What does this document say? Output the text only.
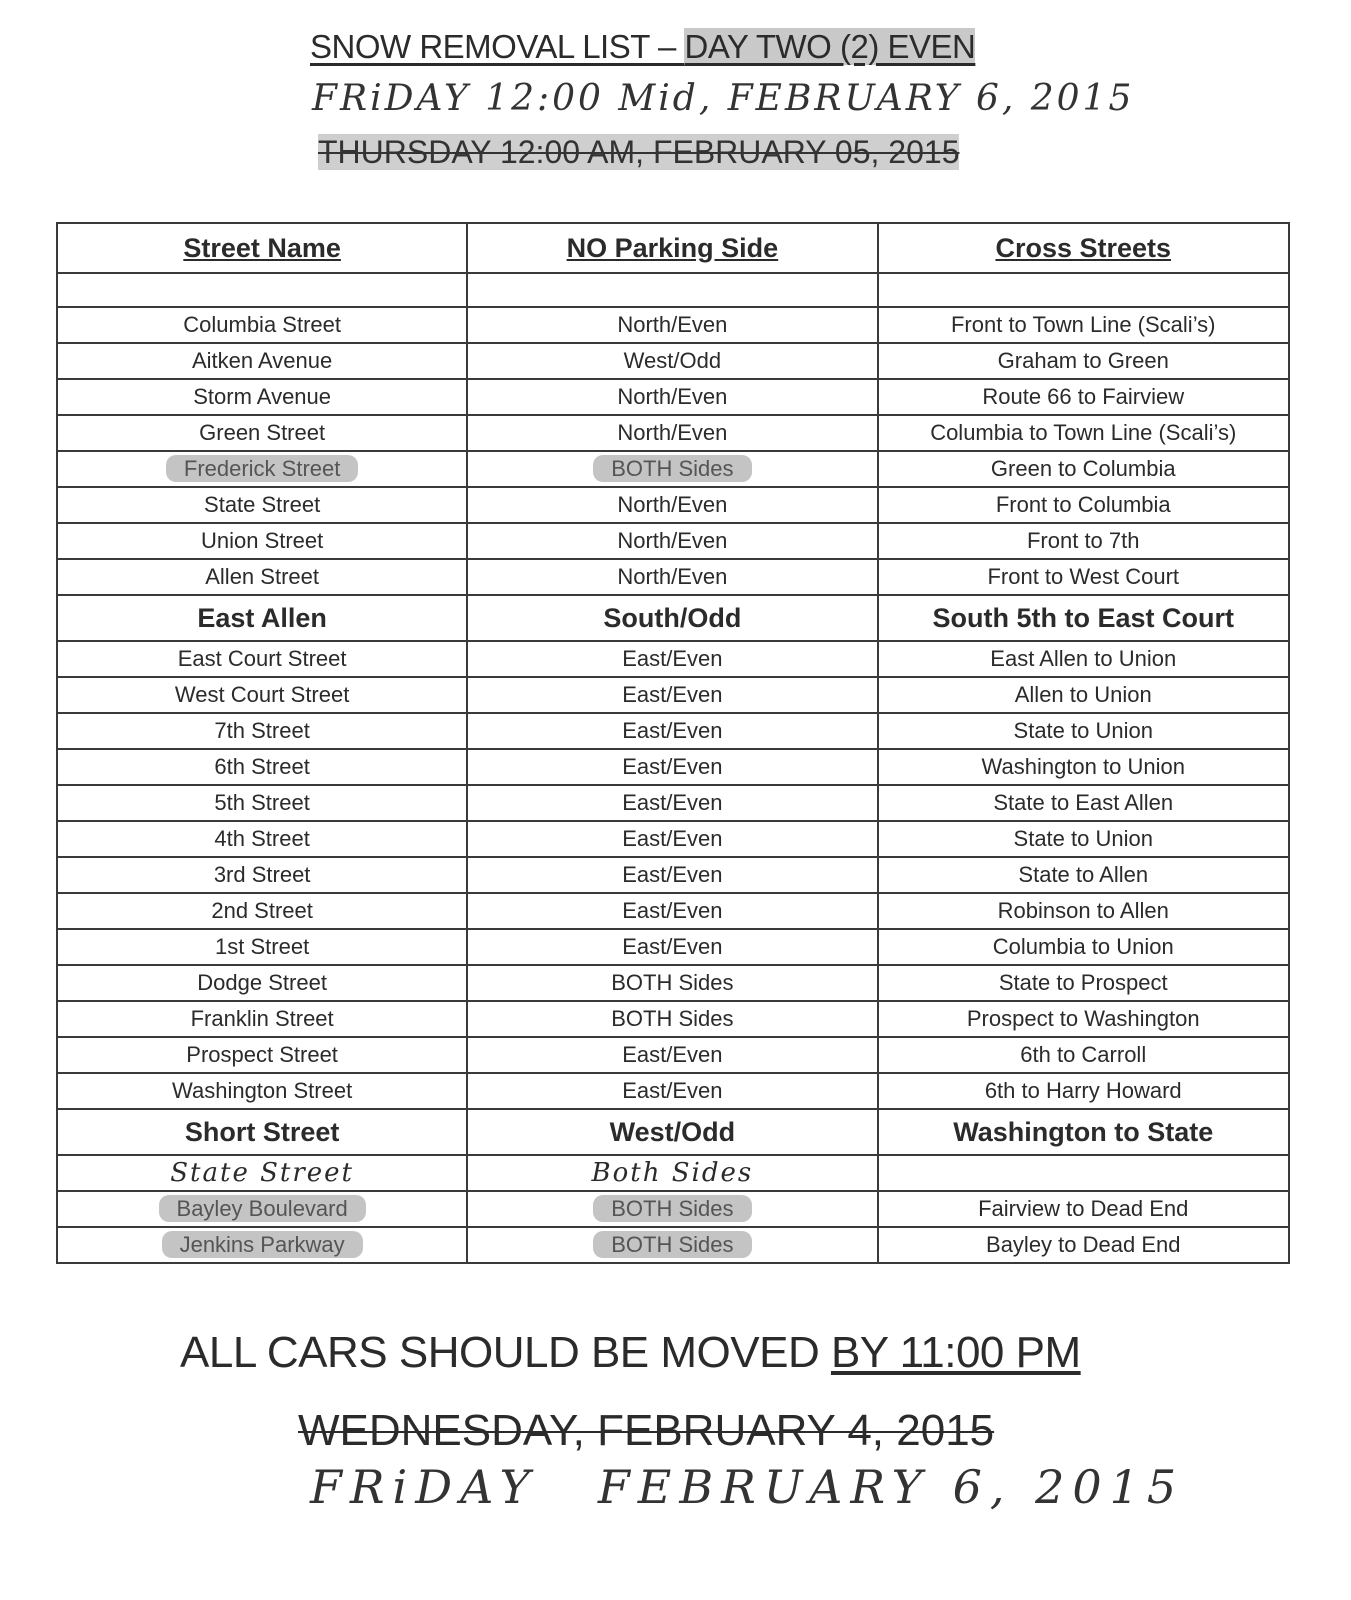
SNOW REMOVAL LIST – DAY TWO (2) EVEN
FRiDAY 12:00 Mid, FEBRUARY 6, 2015
THURSDAY 12:00 AM, FEBRUARY 05, 2015
Street Name	NO Parking Side	Cross Streets

Columbia Street	North/Even	Front to Town Line (Scali’s)
Aitken Avenue	West/Odd	Graham to Green
Storm Avenue	North/Even	Route 66 to Fairview
Green Street	North/Even	Columbia to Town Line (Scali’s)
Frederick Street	BOTH Sides	Green to Columbia
State Street	North/Even	Front to Columbia
Union Street	North/Even	Front to 7th
Allen Street	North/Even	Front to West Court
East Allen	South/Odd	South 5th to East Court
East Court Street	East/Even	East Allen to Union
West Court Street	East/Even	Allen to Union
7th Street	East/Even	State to Union
6th Street	East/Even	Washington to Union
5th Street	East/Even	State to East Allen
4th Street	East/Even	State to Union
3rd Street	East/Even	State to Allen
2nd Street	East/Even	Robinson to Allen
1st Street	East/Even	Columbia to Union
Dodge Street	BOTH Sides	State to Prospect
Franklin Street	BOTH Sides	Prospect to Washington
Prospect Street	East/Even	6th to Carroll
Washington Street	East/Even	6th to Harry Howard
Short Street	West/Odd	Washington to State
State Street	Both Sides	
Bayley Boulevard	BOTH Sides	Fairview to Dead End
Jenkins Parkway	BOTH Sides	Bayley to Dead End
ALL CARS SHOULD BE MOVED BY 11:00 PM
WEDNESDAY, FEBRUARY 4, 2015
FRiDAY FEBRUARY 6, 2015
